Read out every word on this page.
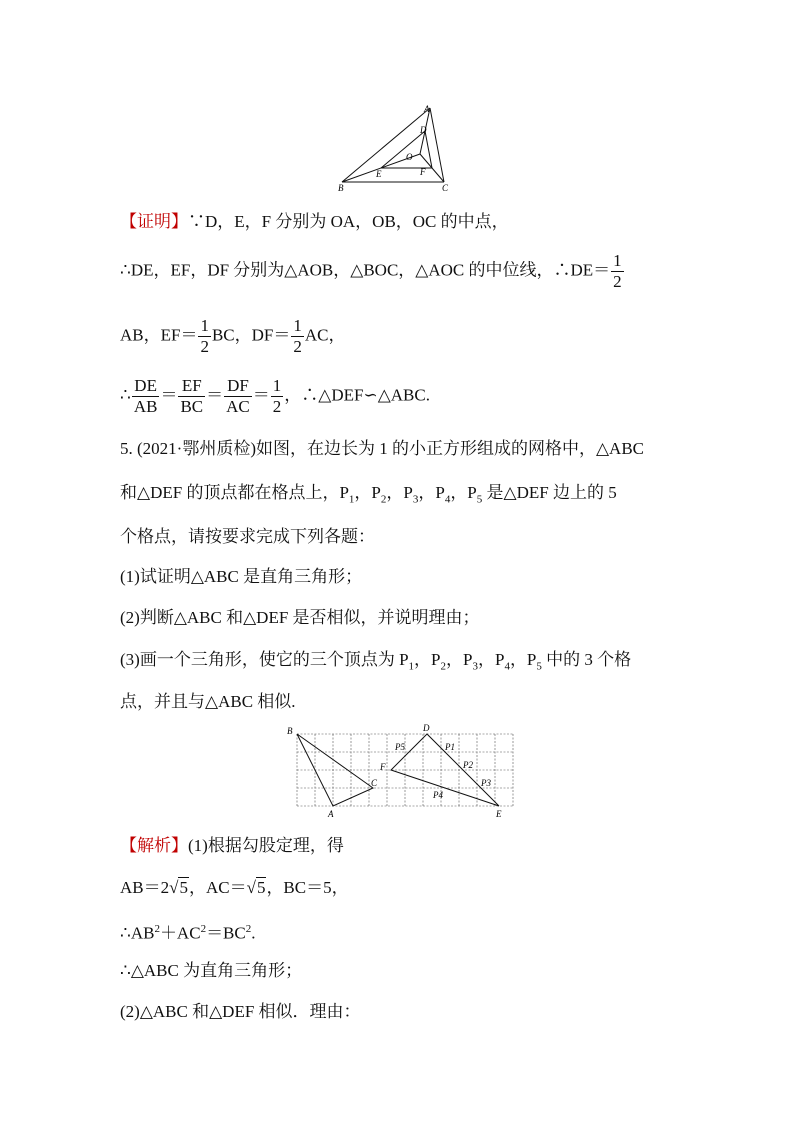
A
B	C
D
E	F
O
【证明】∵D，E，F 分别为 OA，OB，OC 的中点，
∴DE，EF，DF 分别为△AOB，△BOC，△AOC 的中位线，∴DE＝ $\frac{1}{2}$
AB，$EF= \frac{1}{2}$ BC，$DF= \frac{1}{2}$ AC，
∴ $\frac{DE}{AB} = \frac{EF}{BC} = \frac{DF}{AC} = \frac{1}{2}$ ，∴△DEF∽△ABC.
5. (2021·鄂州质检)如图，在边长为 1 的小正方形组成的网格中，△ABC
和△DEF 的顶点都在格点上，$P_1$，$P_2$，$P_3$，$P_4$，$P_5$ 是△DEF 边上的 5
个格点，请按要求完成下列各题：
(1)试证明△ABC 是直角三角形；
(2)判断△ABC 和△DEF 是否相似，并说明理由；
(3)画一个三角形，使它的三个顶点为 $P_1$，$P_2$，$P_3$，$P_4$，$P_5$ 中的 3 个格
点，并且与△ABC 相似.
B
A
C
D
E
F
P5	P1
P2
P3
P4
【解析】(1)根据勾股定理，得
AB＝2√5，AC＝√5，BC＝5，
$\therefore AB^2+AC^2=BC^2$.
∴△ABC 为直角三角形；
(2)△ABC 和△DEF 相似．理由：
